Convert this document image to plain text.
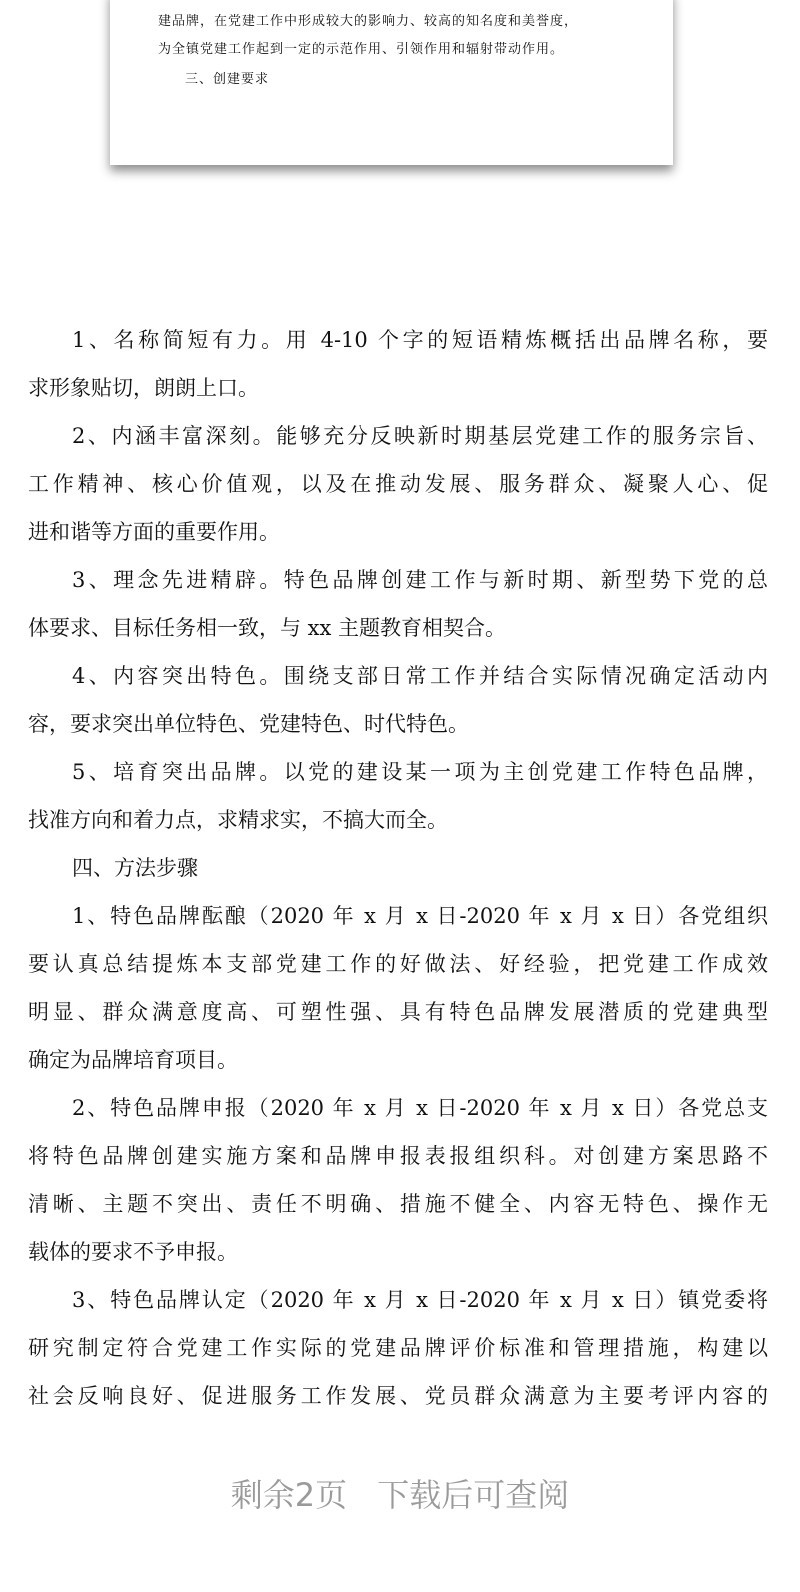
建品牌，在党建工作中形成较大的影响力、较高的知名度和美誉度，
为全镇党建工作起到一定的示范作用、引领作用和辐射带动作用。
三、创建要求
1、名称简短有力。用 4-10 个字的短语精炼概括出品牌名称，要
求形象贴切，朗朗上口。
2、内涵丰富深刻。能够充分反映新时期基层党建工作的服务宗旨、
工作精神、核心价值观，以及在推动发展、服务群众、凝聚人心、促
进和谐等方面的重要作用。
3、理念先进精辟。特色品牌创建工作与新时期、新型势下党的总
体要求、目标任务相一致，与 xx 主题教育相契合。
4、内容突出特色。围绕支部日常工作并结合实际情况确定活动内
容，要求突出单位特色、党建特色、时代特色。
5、培育突出品牌。以党的建设某一项为主创党建工作特色品牌，
找准方向和着力点，求精求实，不搞大而全。
四、方法步骤
1、特色品牌酝酿（2020 年 x 月 x 日-2020 年 x 月 x 日）各党组织
要认真总结提炼本支部党建工作的好做法、好经验，把党建工作成效
明显、群众满意度高、可塑性强、具有特色品牌发展潜质的党建典型
确定为品牌培育项目。
2、特色品牌申报（2020 年 x 月 x 日-2020 年 x 月 x 日）各党总支
将特色品牌创建实施方案和品牌申报表报组织科。对创建方案思路不
清晰、主题不突出、责任不明确、措施不健全、内容无特色、操作无
载体的要求不予申报。
3、特色品牌认定（2020 年 x 月 x 日-2020 年 x 月 x 日）镇党委将
研究制定符合党建工作实际的党建品牌评价标准和管理措施，构建以
社会反响良好、促进服务工作发展、党员群众满意为主要考评内容的
剩余2页 下载后可查阅
